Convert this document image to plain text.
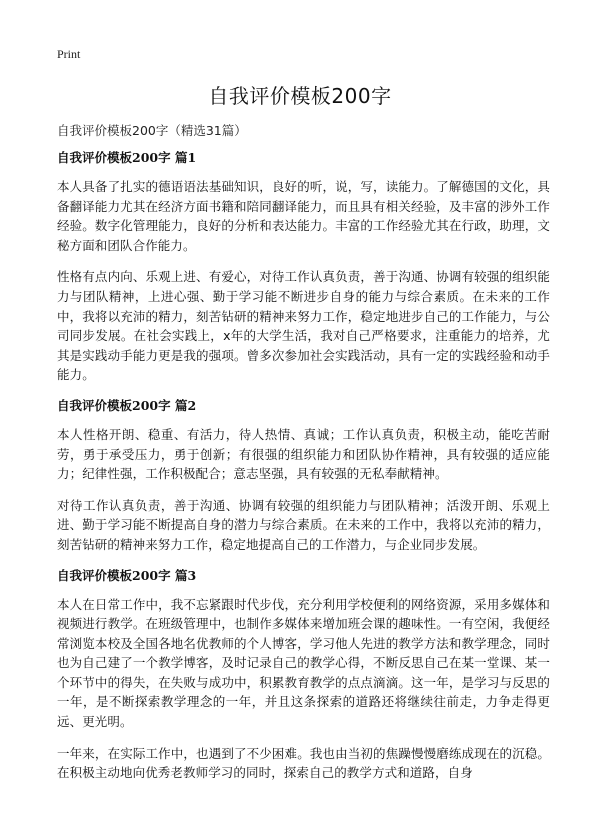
Print
自我评价模板200字
自我评价模板200字（精选31篇）
自我评价模板200字 篇1

本人具备了扎实的德语语法基础知识，良好的听，说，写，读能力。了解德国的文化，具备翻译能力尤其在经济方面书籍和陪同翻译能力，而且具有相关经验，及丰富的涉外工作经验。数字化管理能力，良好的分析和表达能力。丰富的工作经验尤其在行政，助理，文秘方面和团队合作能力。

性格有点内向、乐观上进、有爱心，对待工作认真负责，善于沟通、协调有较强的组织能力与团队精神，上进心强、勤于学习能不断进步自身的能力与综合素质。在未来的工作中，我将以充沛的精力，刻苦钻研的精神来努力工作，稳定地进步自己的工作能力，与公司同步发展。在社会实践上，x年的大学生活，我对自己严格要求，注重能力的培养，尤其是实践动手能力更是我的强项。曾多次参加社会实践活动，具有一定的实践经验和动手能力。

自我评价模板200字 篇2

本人性格开朗、稳重、有活力，待人热情、真诚；工作认真负责，积极主动，能吃苦耐劳，勇于承受压力，勇于创新；有很强的组织能力和团队协作精神，具有较强的适应能力；纪律性强，工作积极配合；意志坚强，具有较强的无私奉献精神。

对待工作认真负责，善于沟通、协调有较强的组织能力与团队精神；活泼开朗、乐观上进、勤于学习能不断提高自身的潜力与综合素质。在未来的工作中，我将以充沛的精力，刻苦钻研的精神来努力工作，稳定地提高自己的工作潜力，与企业同步发展。

自我评价模板200字 篇3

本人在日常工作中，我不忘紧跟时代步伐，充分利用学校便利的网络资源，采用多媒体和视频进行教学。在班级管理中，也制作多媒体来增加班会课的趣味性。一有空闲，我便经常浏览本校及全国各地名优教师的个人博客，学习他人先进的教学方法和教学理念，同时也为自己建了一个教学博客，及时记录自己的教学心得，不断反思自己在某一堂课、某一个环节中的得失，在失败与成功中，积累教育教学的点点滴滴。这一年，是学习与反思的一年，是不断探索教学理念的一年，并且这条探索的道路还将继续往前走，力争走得更远、更光明。

一年来，在实际工作中，也遇到了不少困难。我也由当初的焦躁慢慢磨练成现在的沉稳。在积极主动地向优秀老教师学习的同时，探索自己的教学方式和道路，自身
